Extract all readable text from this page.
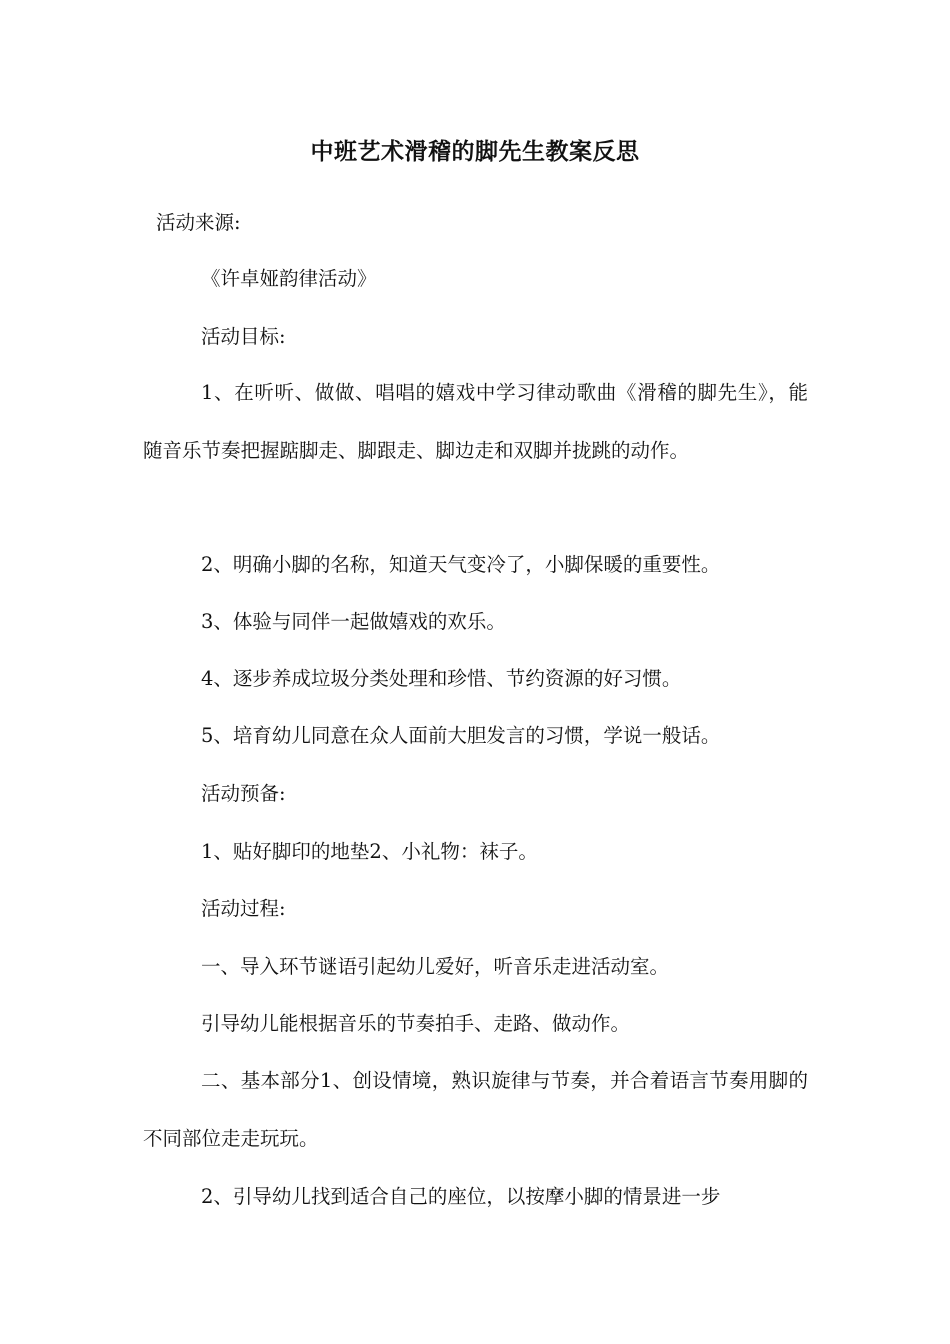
中班艺术滑稽的脚先生教案反思
活动来源:
《许卓娅韵律活动》
活动目标:
1、在听听、做做、唱唱的嬉戏中学习律动歌曲《滑稽的脚先生》，能随音乐节奏把握踮脚走、脚跟走、脚边走和双脚并拢跳的动作。
2、明确小脚的名称，知道天气变冷了，小脚保暖的重要性。
3、体验与同伴一起做嬉戏的欢乐。
4、逐步养成垃圾分类处理和珍惜、节约资源的好习惯。
5、培育幼儿同意在众人面前大胆发言的习惯，学说一般话。
活动预备:
1、贴好脚印的地垫2、小礼物：袜子。
活动过程:
一、导入环节谜语引起幼儿爱好，听音乐走进活动室。
引导幼儿能根据音乐的节奏拍手、走路、做动作。
二、基本部分1、创设情境，熟识旋律与节奏，并合着语言节奏用脚的不同部位走走玩玩。
2、引导幼儿找到适合自己的座位，以按摩小脚的情景进一步
